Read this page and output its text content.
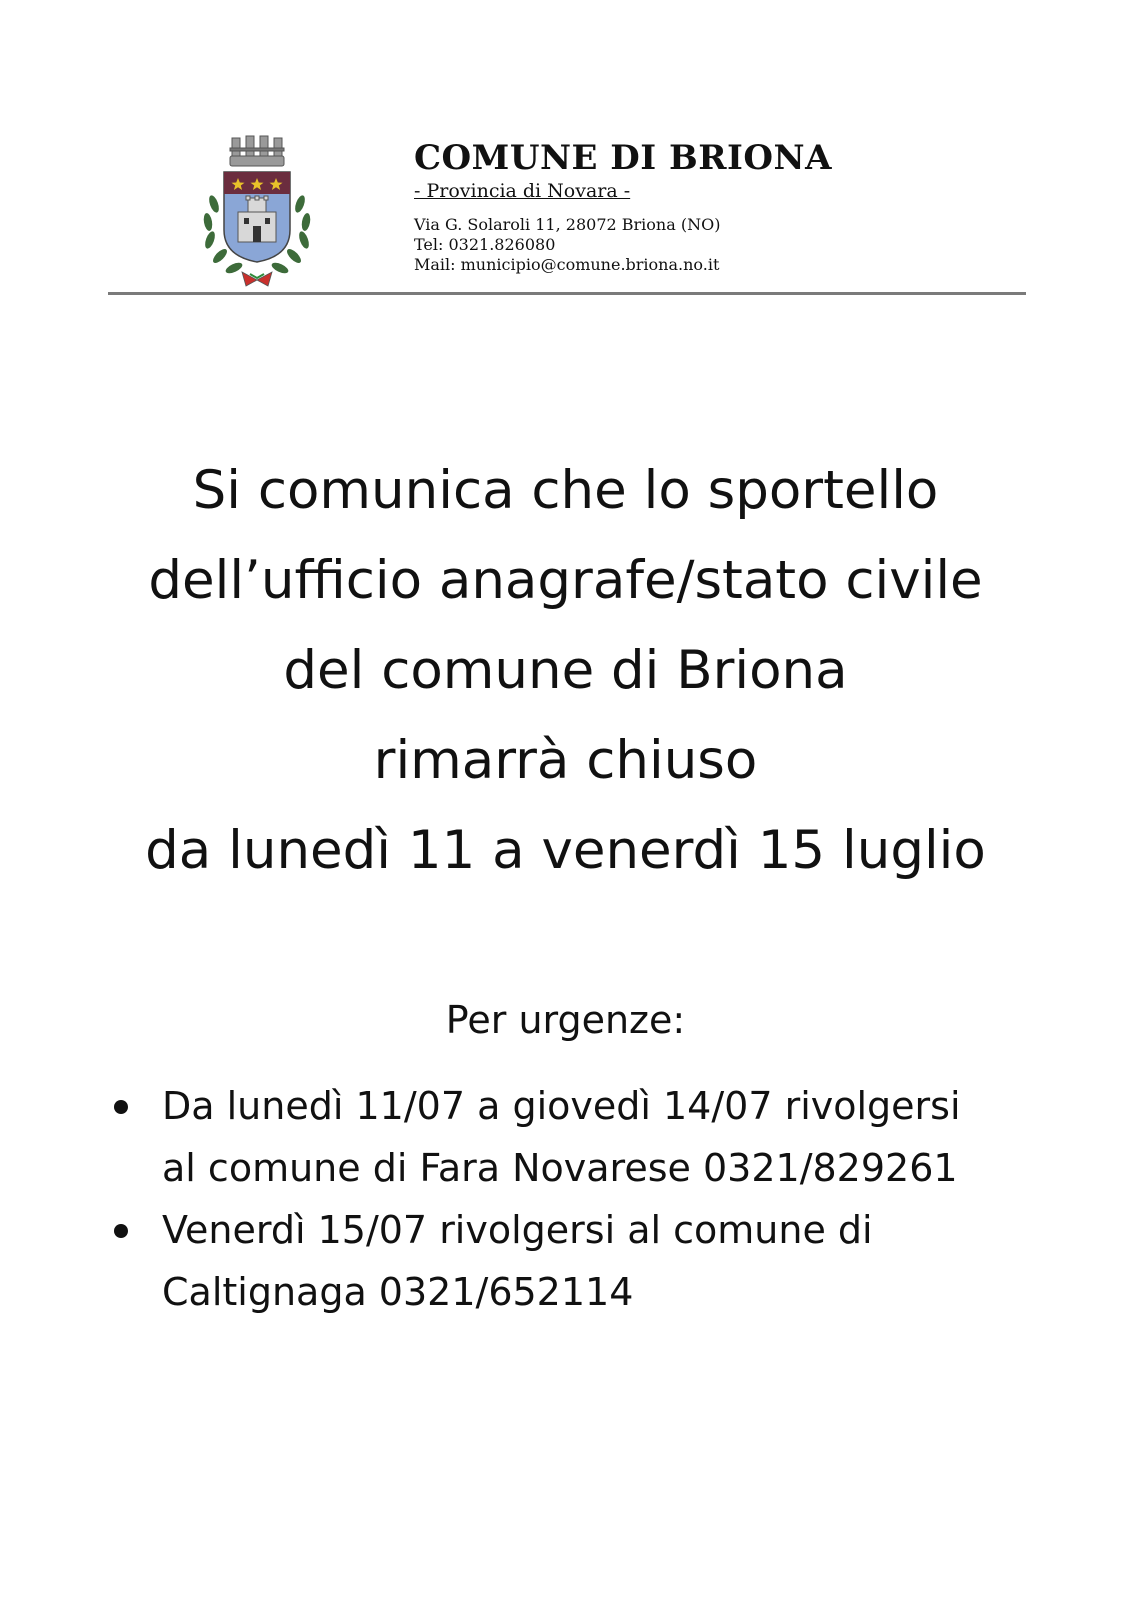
COMUNE DI BRIONA
- Provincia di Novara -
Via G. Solaroli 11, 28072 Briona (NO)
Tel: 0321.826080
Mail: municipio@comune.briona.no.it
Si comunica che lo sportello
dell’ufficio anagrafe/stato civile
del comune di Briona
rimarrà chiuso
da lunedì 11 a venerdì 15 luglio
Per urgenze:
Da lunedì 11/07 a giovedì 14/07 rivolgersi
al comune di Fara Novarese 0321/829261
Venerdì 15/07 rivolgersi al comune di
Caltignaga 0321/652114
